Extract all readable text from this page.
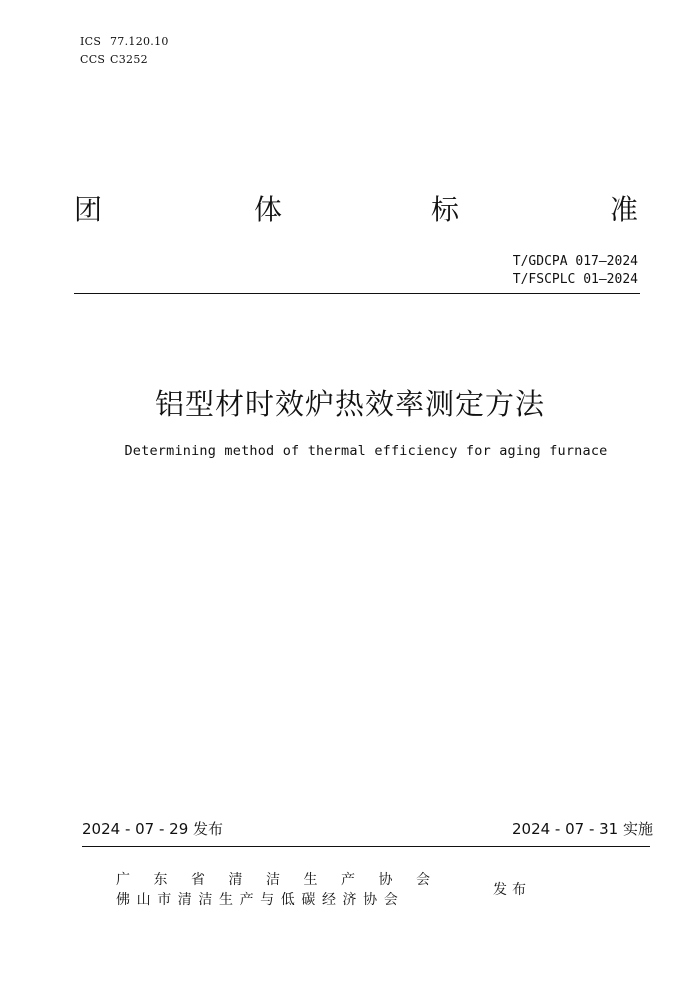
ICS 77.120.10
CCS C3252
团	体	标	准
T/GDCPA 017—2024
T/FSCPLC 01—2024
铝型材时效炉热效率测定方法
Determining method of thermal efficiency for aging furnace
2024 - 07 - 29 发布	2024 - 07 - 31 实施
广 东 省 清 洁 生 产 协 会
佛 山 市 清 洁 生 产 与 低 碳 经 济 协 会
发布
